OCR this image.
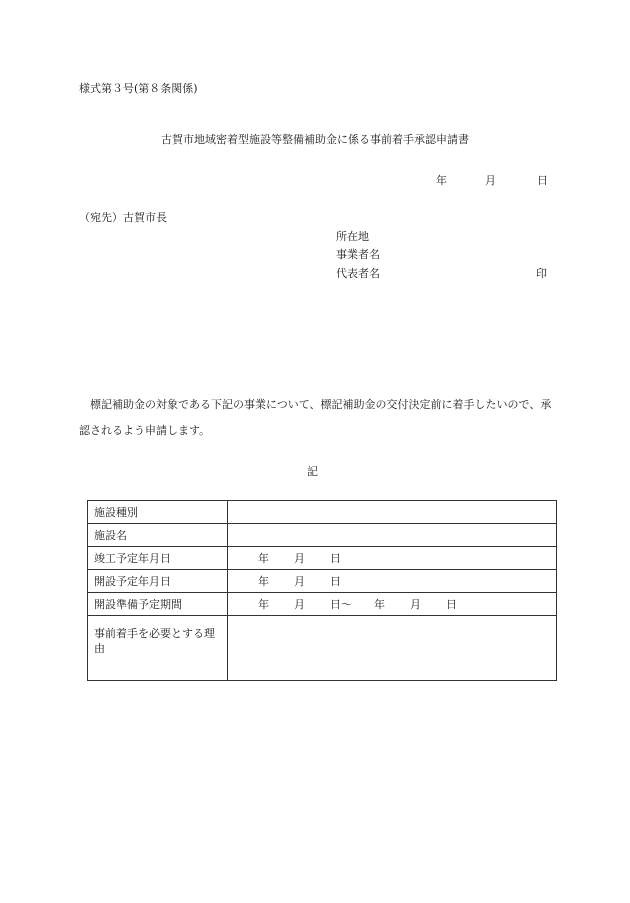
様式第３号(第８条関係)
古賀市地域密着型施設等整備補助金に係る事前着手承認申請書
年	月	日
（宛先）古賀市長
所在地
事業者名
代表者名	印
標記補助金の対象である下記の事業について、標記補助金の交付決定前に着手したいので、承認されるよう申請します。
記
施設種別	
施設名	
竣工予定年月日	年 月 日
開設予定年月日	年 月 日
開設準備予定期間	年 月 日～ 年 月 日
事前着手を必要とする理由	
